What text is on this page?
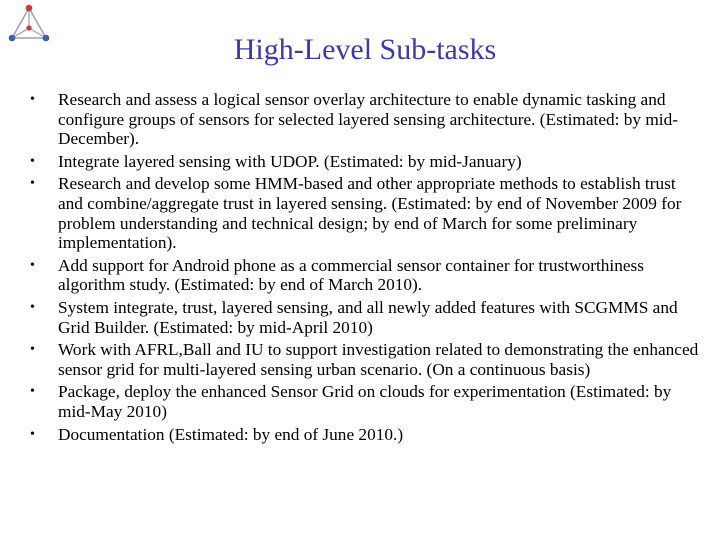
High-Level Sub-tasks
• Research and assess a logical sensor overlay architecture to enable dynamic tasking and configure groups of sensors for selected layered sensing architecture. (Estimated: by mid-December).
• Integrate layered sensing with UDOP. (Estimated: by mid-January)
• Research and develop some HMM-based and other appropriate methods to establish trust and combine/aggregate trust in layered sensing. (Estimated: by end of November 2009 for problem understanding and technical design; by end of March for some preliminary implementation).
• Add support for Android phone as a commercial sensor container for trustworthiness algorithm study. (Estimated: by end of March 2010).
• System integrate, trust, layered sensing, and all newly added features with SCGMMS and Grid Builder. (Estimated: by mid-April 2010)
• Work with AFRL,Ball and IU to support investigation related to demonstrating the enhanced sensor grid for multi-layered sensing urban scenario. (On a continuous basis)
• Package, deploy the enhanced Sensor Grid on clouds for experimentation (Estimated: by mid-May 2010)
• Documentation (Estimated: by end of June 2010.)
